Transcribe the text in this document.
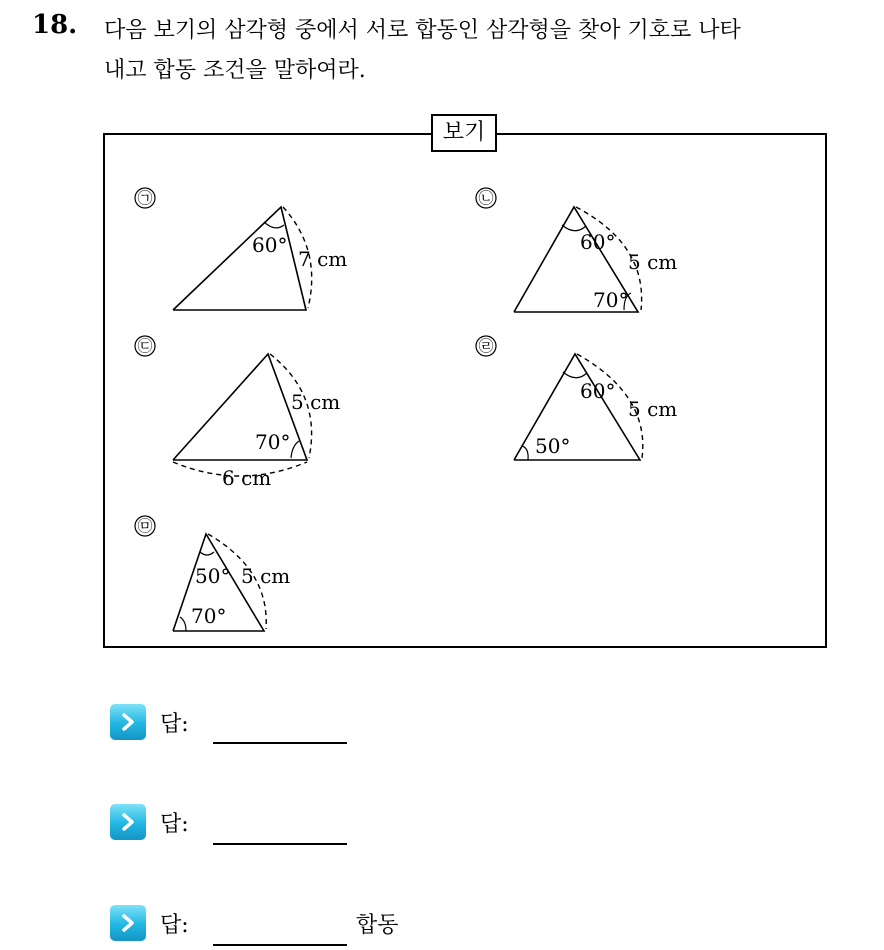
18. 다음 보기의 삼각형 중에서 서로 합동인 삼각형을 찾아 기호로 나타
내고 합동 조건을 말하여라.
보기
㉠
60°
7 cm
㉡
60°
5 cm
70°
㉢
5 cm
70°
6 cm
㉣
60°
5 cm
50°
㉤
50° 5 cm
70°
답:
답:
답:	합동
